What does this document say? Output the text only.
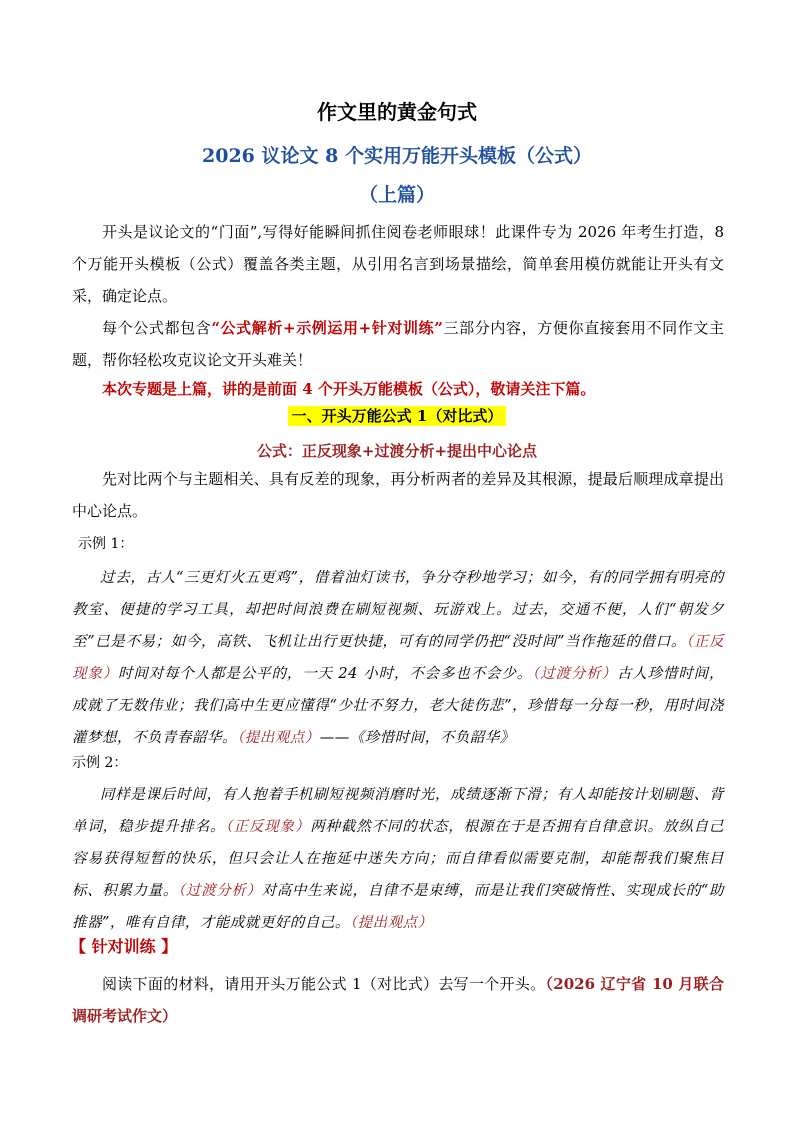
作文里的黄金句式
2026 议论文 8 个实用万能开头模板（公式）
（上篇）
开头是议论文的“门面”,写得好能瞬间抓住阅卷老师眼球！此课件专为 2026 年考生打造，8 个万能开头模板（公式）覆盖各类主题，从引用名言到场景描绘，简单套用模仿就能让开头有文采，确定论点。
每个公式都包含“公式解析+示例运用+针对训练”三部分内容，方便你直接套用不同作文主题，帮你轻松攻克议论文开头难关！
本次专题是上篇，讲的是前面 4 个开头万能模板（公式），敬请关注下篇。
一、开头万能公式 1（对比式）
公式：正反现象+过渡分析+提出中心论点
先对比两个与主题相关、具有反差的现象，再分析两者的差异及其根源，提最后顺理成章提出中心论点。
示例 1：
过去，古人“三更灯火五更鸡”，借着油灯读书，争分夺秒地学习；如今，有的同学拥有明亮的教室、便捷的学习工具，却把时间浪费在刷短视频、玩游戏上。过去，交通不便，人们“朝发夕至”已是不易；如今，高铁、飞机让出行更快捷，可有的同学仍把“没时间”当作拖延的借口。（正反现象）时间对每个人都是公平的，一天 24 小时，不会多也不会少。（过渡分析）古人珍惜时间，成就了无数伟业；我们高中生更应懂得“少壮不努力，老大徒伤悲”，珍惜每一分每一秒，用时间浇灌梦想，不负青春韶华。（提出观点）——《珍惜时间，不负韶华》
示例 2：
同样是课后时间，有人抱着手机刷短视频消磨时光，成绩逐渐下滑；有人却能按计划刷题、背单词，稳步提升排名。（正反现象）两种截然不同的状态，根源在于是否拥有自律意识。放纵自己容易获得短暂的快乐，但只会让人在拖延中迷失方向；而自律看似需要克制，却能帮我们聚焦目标、积累力量。（过渡分析）对高中生来说，自律不是束缚，而是让我们突破惰性、实现成长的“助推器”，唯有自律，才能成就更好的自己。（提出观点）
【 针对训练 】
阅读下面的材料，请用开头万能公式 1（对比式）去写一个开头。（2026 辽宁省 10 月联合调研考试作文）
